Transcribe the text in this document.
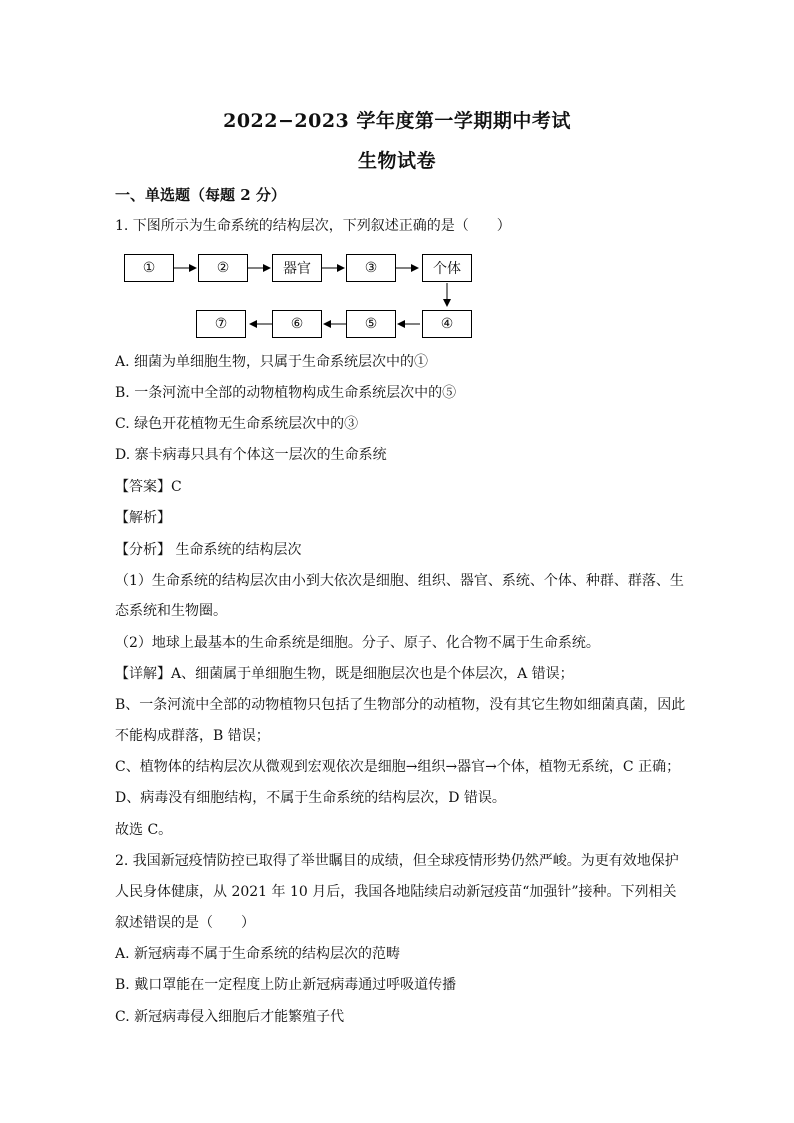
2022−2023 学年度第一学期期中考试
生物试卷
一、单选题（每题 2 分）
1. 下图所示为生命系统的结构层次，下列叙述正确的是（　　）
①	②	器官	③	个体
⑦	⑥	⑤	④
A. 细菌为单细胞生物，只属于生命系统层次中的①
B. 一条河流中全部的动物植物构成生命系统层次中的⑤
C. 绿色开花植物无生命系统层次中的③
D. 寨卡病毒只具有个体这一层次的生命系统
【答案】C
【解析】
【分析】 生命系统的结构层次
（1）生命系统的结构层次由小到大依次是细胞、组织、器官、系统、个体、种群、群落、生
态系统和生物圈。
（2）地球上最基本的生命系统是细胞。分子、原子、化合物不属于生命系统。
【详解】A、细菌属于单细胞生物，既是细胞层次也是个体层次，A 错误；
B、一条河流中全部的动物植物只包括了生物部分的动植物，没有其它生物如细菌真菌，因此
不能构成群落，B 错误；
C、植物体的结构层次从微观到宏观依次是细胞→组织→器官→个体，植物无系统，C 正确；
D、病毒没有细胞结构，不属于生命系统的结构层次，D 错误。
故选 C。
2. 我国新冠疫情防控已取得了举世瞩目的成绩，但全球疫情形势仍然严峻。为更有效地保护
人民身体健康，从 2021 年 10 月后，我国各地陆续启动新冠疫苗“加强针”接种。下列相关
叙述错误的是（　　）
A. 新冠病毒不属于生命系统的结构层次的范畴
B. 戴口罩能在一定程度上防止新冠病毒通过呼吸道传播
C. 新冠病毒侵入细胞后才能繁殖子代
